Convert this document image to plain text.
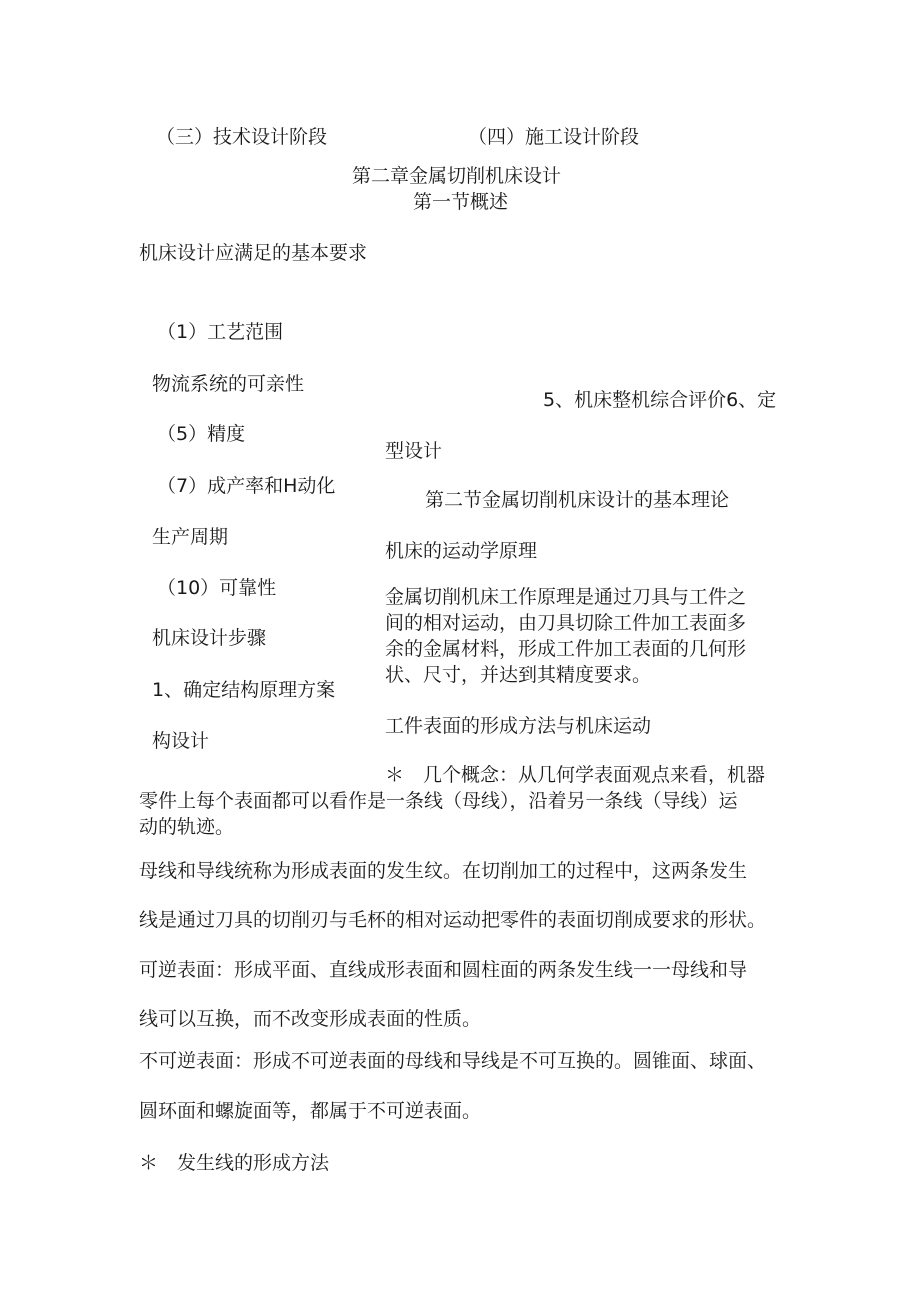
（三）技术设计阶段	（四）施工设计阶段
第二章金属切削机床设计
第一节概述
机床设计应满足的基本要求
（1）工艺范围
物流系统的可亲性
（5）精度
（7）成产率和H动化
生产周期
（10）可靠性
机床设计步骤
1、确定结构原理方案
构设计
5、机床整机综合评价6、定
型设计
第二节金属切削机床设计的基本理论
机床的运动学原理
金属切削机床工作原理是通过刀具与工件之
间的相对运动，由刀具切除工件加工表面多
余的金属材料，形成工件加工表面的几何形
状、尺寸，并达到其精度要求。
工件表面的形成方法与机床运动
＊　几个概念：从几何学表面观点来看，机器
零件上每个表面都可以看作是一条线（母线），沿着另一条线（导线）运
动的轨迹。
母线和导线统称为形成表面的发生纹。在切削加工的过程中，这两条发生
线是通过刀具的切削刃与毛杯的相对运动把零件的表面切削成要求的形状。
可逆表面：形成平面、直线成形表面和圆柱面的两条发生线一一母线和导
线可以互换，而不改变形成表面的性质。
不可逆表面：形成不可逆表面的母线和导线是不可互换的。圆锥面、球面、
圆环面和螺旋面等，都属于不可逆表面。
＊　发生线的形成方法
